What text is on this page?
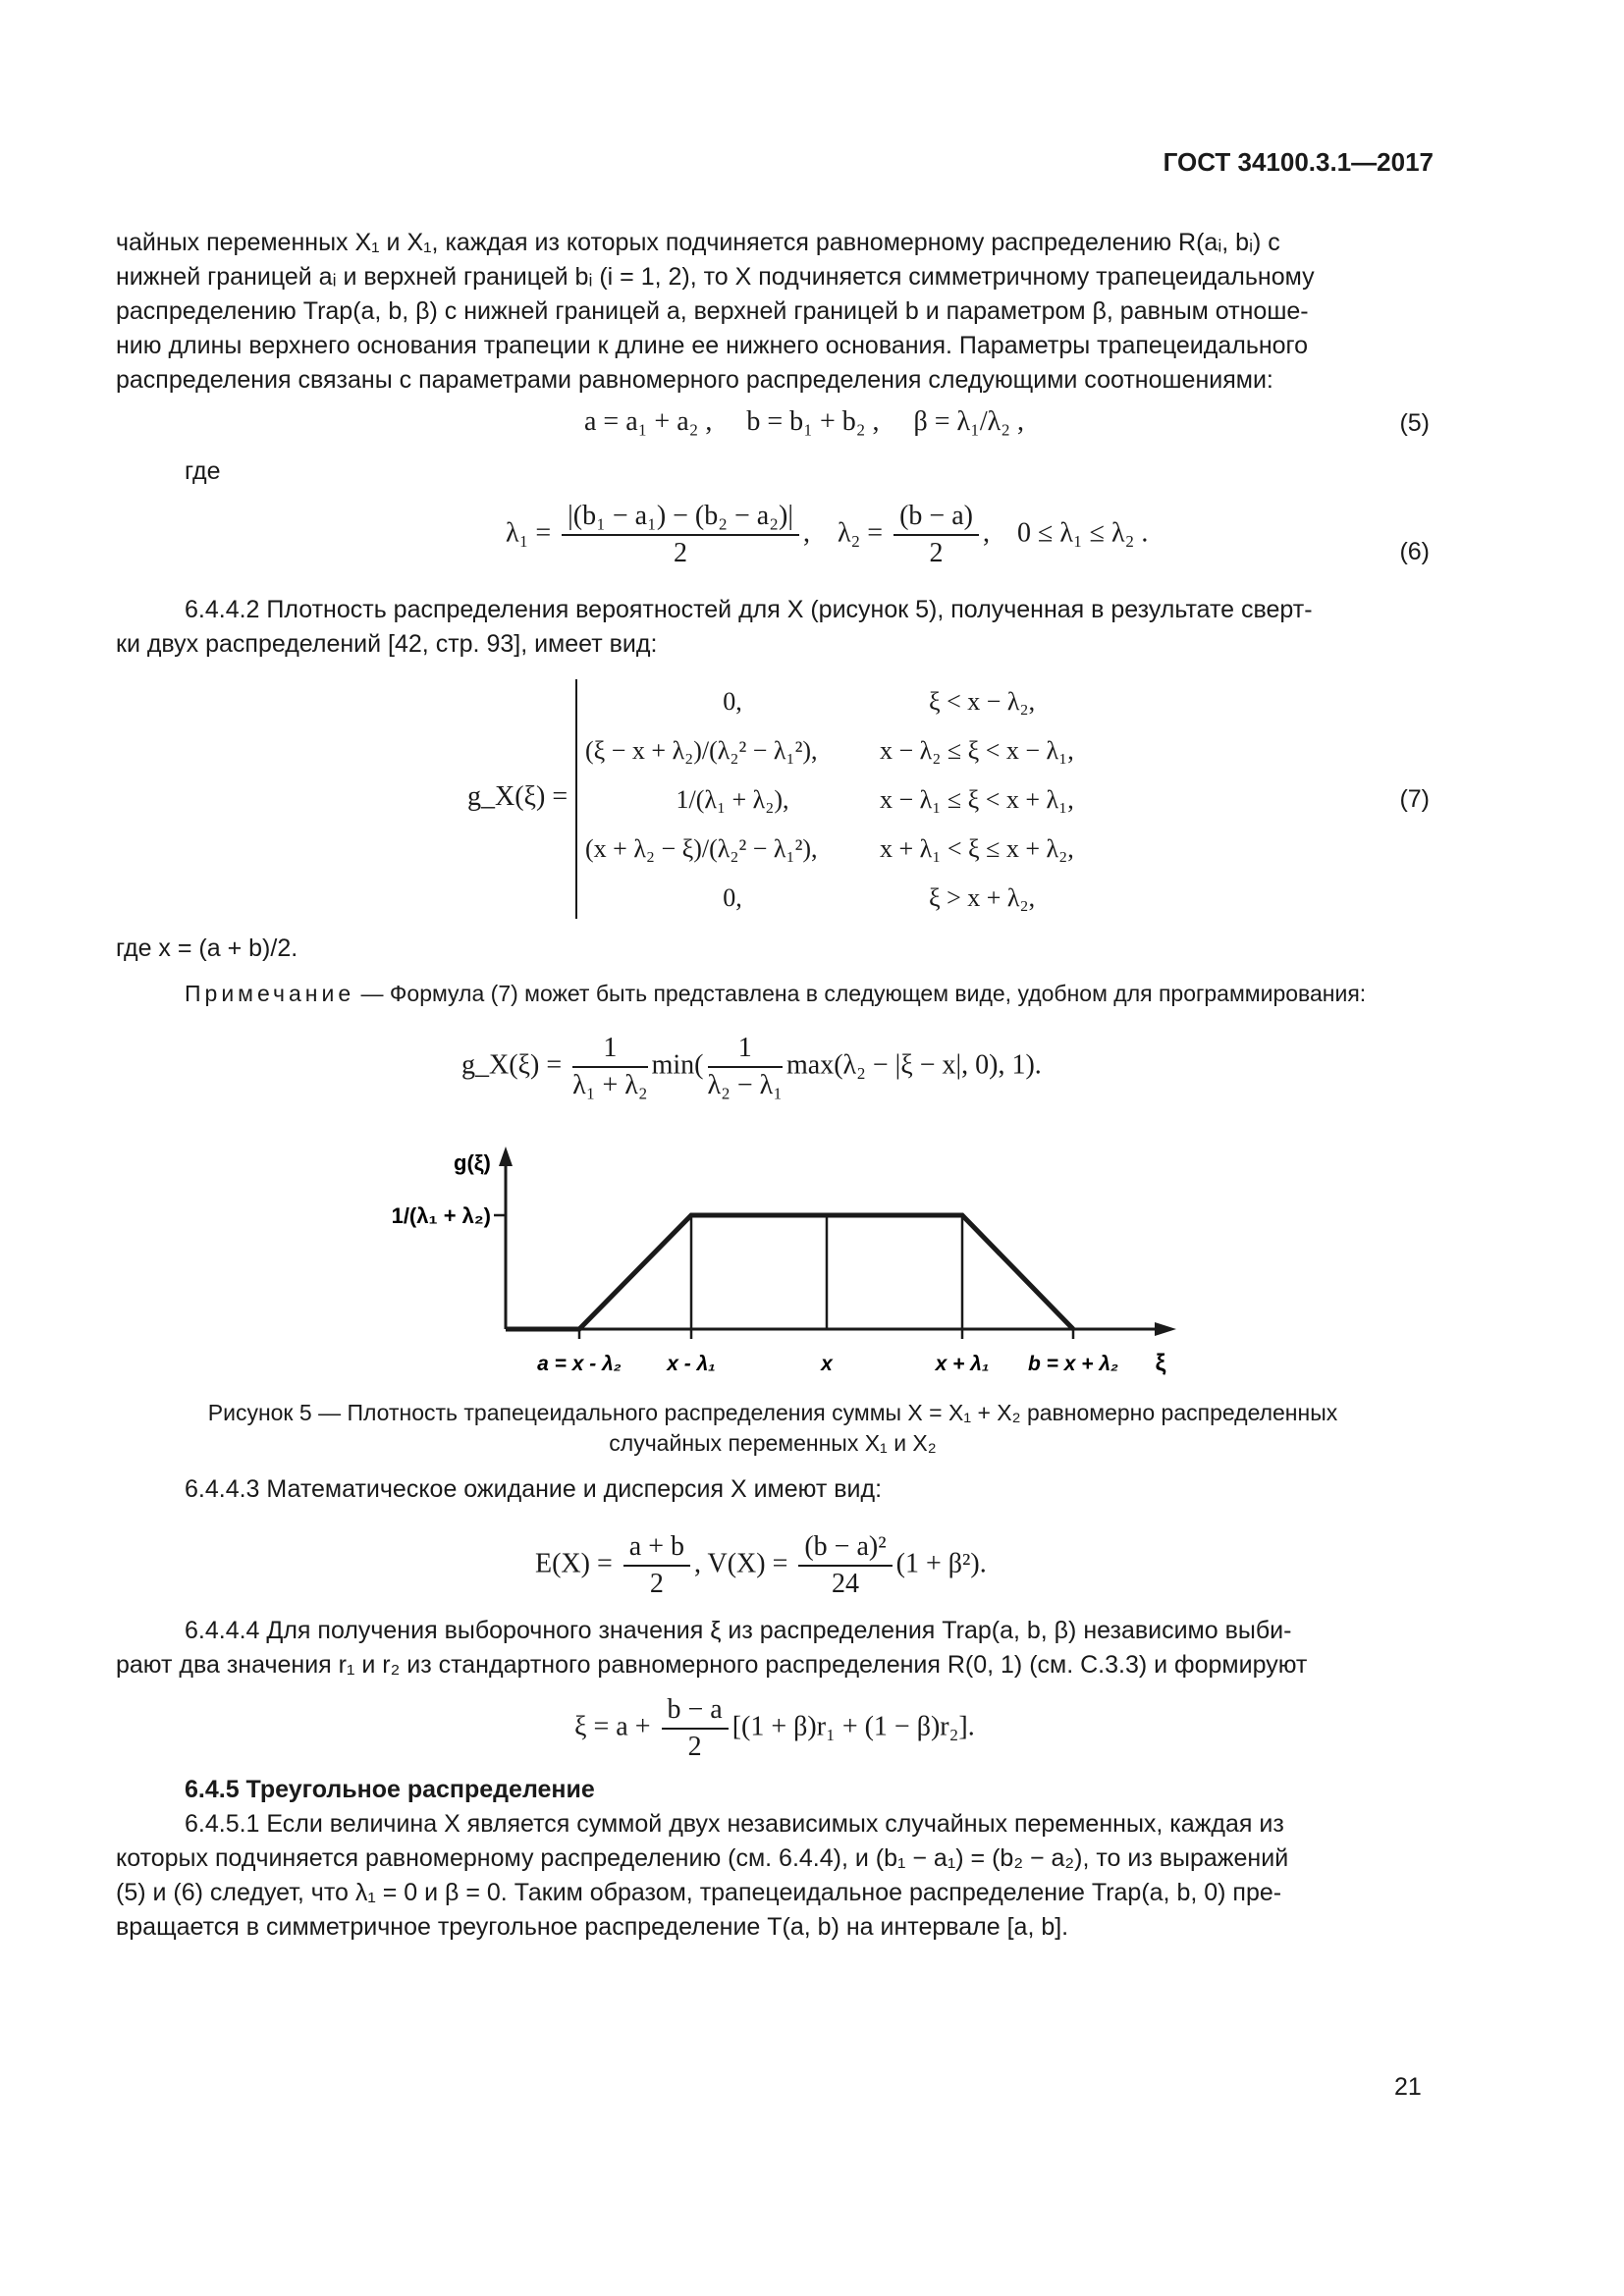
ГОСТ 34100.3.1—2017
чайных переменных X₁ и X₁, каждая из которых подчиняется равномерному распределению R(aᵢ, bᵢ) с
нижней границей aᵢ и верхней границей bᵢ (i = 1, 2), то X подчиняется симметричному трапецеидальному
распределению Trap(a, b, β) с нижней границей a, верхней границей b и параметром β, равным отноше-
нию длины верхнего основания трапеции к длине ее нижнего основания. Параметры трапецеидального
распределения связаны с параметрами равномерного распределения следующими соотношениями:
a = a₁ + a₂ , b = b₁ + b₂ , β = λ₁/λ₂ ,	(5)
где
$\lambda_1 = \frac{\text{|(b₁ − a₁) − (b₂ − a₂)|}}{2}$ ,    $\lambda_2 = \frac{(b - a)}{2}$ ,    0 ≤ λ₁ ≤ λ₂ .
(6)
6.4.4.2 Плотность распределения вероятностей для X (рисунок 5), полученная в результате сверт-
ки двух распределений [42, стр. 93], имеет вид:
g_X(ξ) =
0,	ξ < x − λ₂,
(ξ − x + λ₂)/(λ₂² − λ₁²),	x − λ₂ ≤ ξ < x − λ₁,
1/(λ₁ + λ₂),	x − λ₁ ≤ ξ < x + λ₁,
(x + λ₂ − ξ)/(λ₂² − λ₁²),	x + λ₁ < ξ ≤ x + λ₂,
0,	ξ > x + λ₂,
(7)
где x = (a + b)/2.
Примечание — Формула (7) может быть представлена в следующем виде, удобном для программирования:
g_X(ξ) = $\frac{1}{\text{λ₁ + λ₂}} \min( \frac{1}{\text{λ₂ − λ₁}} \max(\lambda_2 - |\xi - x|$, 0), 1).
g(ξ)
1/(λ₁ + λ₂)
a = x - λ₂ x - λ₁	x	x + λ₁ b = x + λ₂ ξ
Рисунок 5 — Плотность трапецеидального распределения суммы X = X₁ + X₂ равномерно распределенных
случайных переменных X₁ и X₂
6.4.4.3 Математическое ожидание и дисперсия X имеют вид:
$E(X) = \frac{a + b}{2}$ , $V(X) = \frac{\text{(b − a)²}}{24} (1 + \beta^2)$.
6.4.4.4 Для получения выборочного значения ξ из распределения Trap(a, b, β) независимо выби-
рают два значения r₁ и r₂ из стандартного равномерного распределения R(0, 1) (см. С.3.3) и формируют
$\xi = a + \frac{b - a}{2} [(1 + \beta)r_1 + (1 - \beta)r_2]$.
6.4.5 Треугольное распределение
6.4.5.1 Если величина X является суммой двух независимых случайных переменных, каждая из
которых подчиняется равномерному распределению (см. 6.4.4), и (b₁ − a₁) = (b₂ − a₂), то из выражений
(5) и (6) следует, что λ₁ = 0 и β = 0. Таким образом, трапецеидальное распределение Trap(a, b, 0) пре-
вращается в симметричное треугольное распределение T(a, b) на интервале [a, b].
21
